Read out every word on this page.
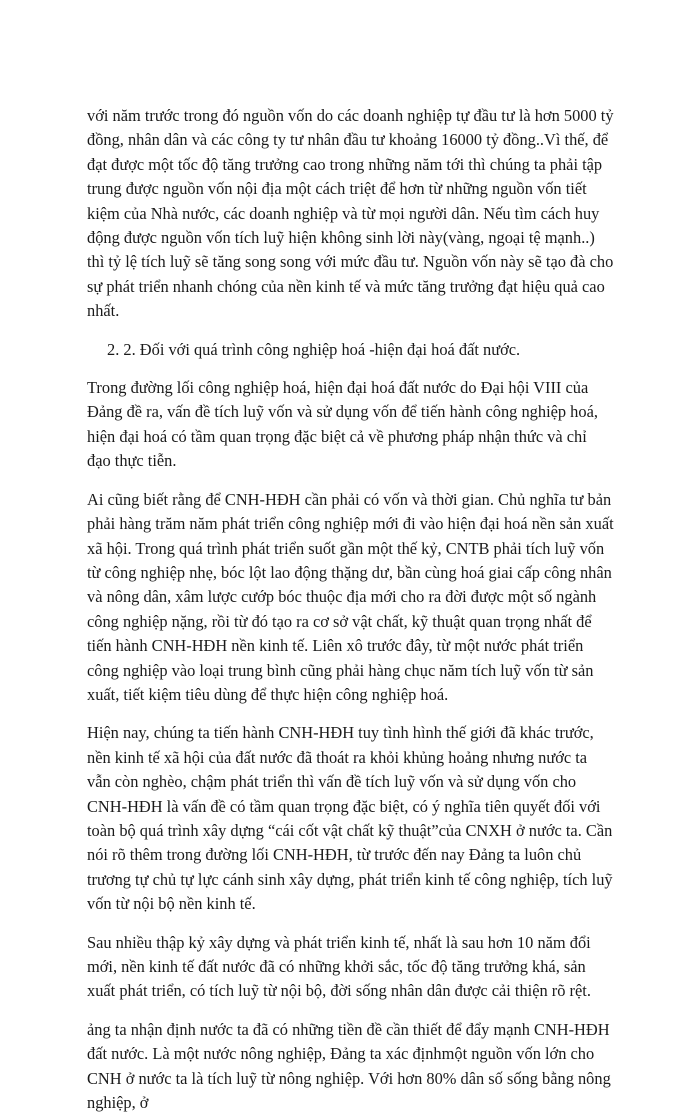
với năm trước trong đó nguồn vốn do các doanh nghiệp tự đầu tư là hơn 5000 tỷ đồng, nhân dân và các công ty tư nhân đầu tư khoảng 16000 tỷ đồng..Vì thế, để đạt được một tốc độ tăng trưởng cao trong những năm tới thì chúng ta phải tập trung được nguồn vốn nội địa một cách triệt để hơn từ những nguồn vốn tiết kiệm của Nhà nước, các doanh nghiệp và từ mọi người dân. Nếu tìm cách huy động được nguồn vốn tích luỹ hiện không sinh lời này(vàng, ngoại tệ mạnh..) thì tỷ lệ tích luỹ sẽ tăng song song với mức đầu tư. Nguồn vốn này sẽ tạo đà cho sự phát triển nhanh chóng của nền kinh tế và mức tăng trưởng đạt hiệu quả cao nhất.

2. 2. Đối với quá trình công nghiệp hoá -hiện đại hoá đất nước.

Trong đường lối công nghiệp hoá, hiện đại hoá đất nước do Đại hội VIII của Đảng đề ra, vấn đề tích luỹ vốn và sử dụng vốn để tiến hành công nghiệp hoá, hiện đại hoá có tầm quan trọng đặc biệt cả về phương pháp nhận thức và chỉ đạo thực tiễn.

Ai cũng biết rằng để CNH-HĐH cần phải có vốn và thời gian. Chủ nghĩa tư bản phải hàng trăm năm phát triển công nghiệp mới đi vào hiện đại hoá nền sản xuất xã hội. Trong quá trình phát triển suốt gần một thế kỷ, CNTB phải tích luỹ vốn từ công nghiệp nhẹ, bóc lột lao động thặng dư, bần cùng hoá giai cấp công nhân và nông dân, xâm lược cướp bóc thuộc địa mới cho ra đời được một số ngành công nghiệp nặng, rồi từ đó tạo ra cơ sở vật chất, kỹ thuật quan trọng nhất để tiến hành CNH-HĐH nền kinh tế. Liên xô trước đây, từ một nước phát triển công nghiệp vào loại trung bình cũng phải hàng chục năm tích luỹ vốn từ sản xuất, tiết kiệm tiêu dùng để thực hiện công nghiệp hoá.

Hiện nay, chúng ta tiến hành CNH-HĐH tuy tình hình thế giới đã khác trước, nền kinh tế xã hội của đất nước đã thoát ra khỏi khủng hoảng nhưng nước ta vẫn còn nghèo, chậm phát triển thì vấn đề tích luỹ vốn và sử dụng vốn cho CNH-HĐH là vấn đề có tầm quan trọng đặc biệt, có ý nghĩa tiên quyết đối với toàn bộ quá trình xây dựng “cái cốt vật chất kỹ thuật”của CNXH ở nước ta. Cần nói rõ thêm trong đường lối CNH-HĐH, từ trước đến nay Đảng ta luôn chủ trương tự chủ tự lực cánh sinh xây dựng, phát triển kinh tế công nghiệp, tích luỹ vốn từ nội bộ nền kinh tế.

Sau nhiều thập kỷ xây dựng và phát triển kinh tế, nhất là sau hơn 10 năm đổi mới, nền kinh tế đất nước đã có những khởi sắc, tốc độ tăng trưởng khá, sản xuất phát triển, có tích luỹ từ nội bộ, đời sống nhân dân được cải thiện rõ rệt.

ảng ta nhận định nước ta đã có những tiền đề cần thiết để đẩy mạnh CNH-HĐH đất nước. Là một nước nông nghiệp, Đảng ta xác địnhmột nguồn vốn lớn cho CNH ở nước ta là tích luỹ từ nông nghiệp. Với hơn 80% dân số sống bằng nông nghiệp, ở
